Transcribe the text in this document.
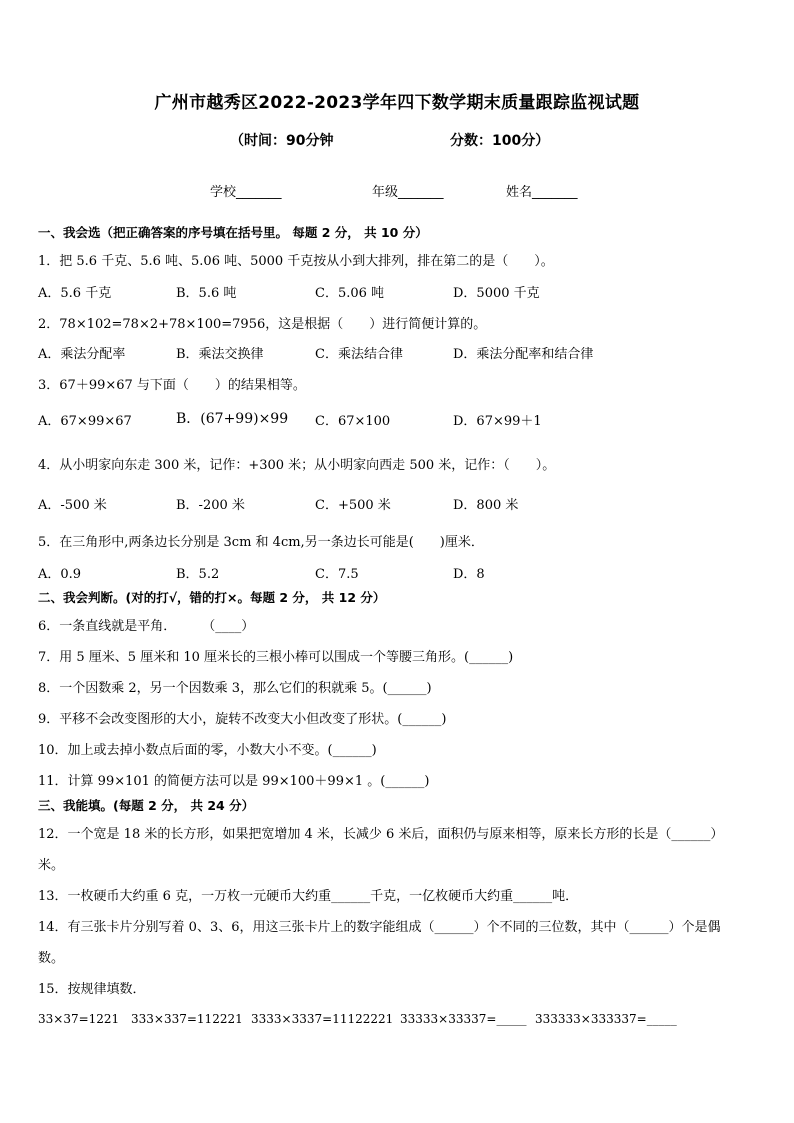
广州市越秀区2022-2023学年四下数学期末质量跟踪监视试题
（时间：90分钟	分数：100分）
学校_______	年级_______	姓名_______
一、我会选（把正确答案的序号填在括号里。 每题 2 分， 共 10 分）
1．把 5.6 千克、5.6 吨、5.06 吨、5000 千克按从小到大排列，排在第二的是（　　）。
A．5.6 千克	B．5.6 吨	C．5.06 吨	D．5000 千克
2．78×102=78×2+78×100=7956，这是根据（　　）进行简便计算的。
A．乘法分配率	B．乘法交换律	C．乘法结合律	D．乘法分配率和结合律
3．67＋99×67 与下面（　　）的结果相等。
A．67×99×67	B．(67+99)×99 C．67×100	D．67×99＋1
4．从小明家向东走 300 米，记作：+300 米；从小明家向西走 500 米，记作：（　　）。
A．-500 米	B．-200 米	C．+500 米	D．800 米
5．在三角形中,两条边长分别是 3cm 和 4cm,另一条边长可能是(　　)厘米．
A．0.9	B．5.2	C．7.5	D．8
二、我会判断。(对的打√，错的打×。每题 2 分， 共 12 分）
6．一条直线就是平角．　　　（____）
7．用 5 厘米、5 厘米和 10 厘米长的三根小棒可以围成一个等腰三角形。(______)
8．一个因数乘 2，另一个因数乘 3，那么它们的积就乘 5。(______)
9．平移不会改变图形的大小，旋转不改变大小但改变了形状。(______)
10．加上或去掉小数点后面的零，小数大小不变。(______)
11．计算 99×101 的简便方法可以是 99×100＋99×1 。(______)
三、我能填。(每题 2 分， 共 24 分）
12．一个宽是 18 米的长方形，如果把宽增加 4 米，长减少 6 米后，面积仍与原来相等，原来长方形的长是（______）
米。
13．一枚硬币大约重 6 克，一万枚一元硬币大约重______千克，一亿枚硬币大约重______吨．
14．有三张卡片分别写着 0、3、6，用这三张卡片上的数字能组成（______）个不同的三位数，其中（______）个是偶
数。
15．按规律填数．
33×37=1221 333×337=112221 3333×3337=11122221 33333×33337=_____ 333333×333337=_____
